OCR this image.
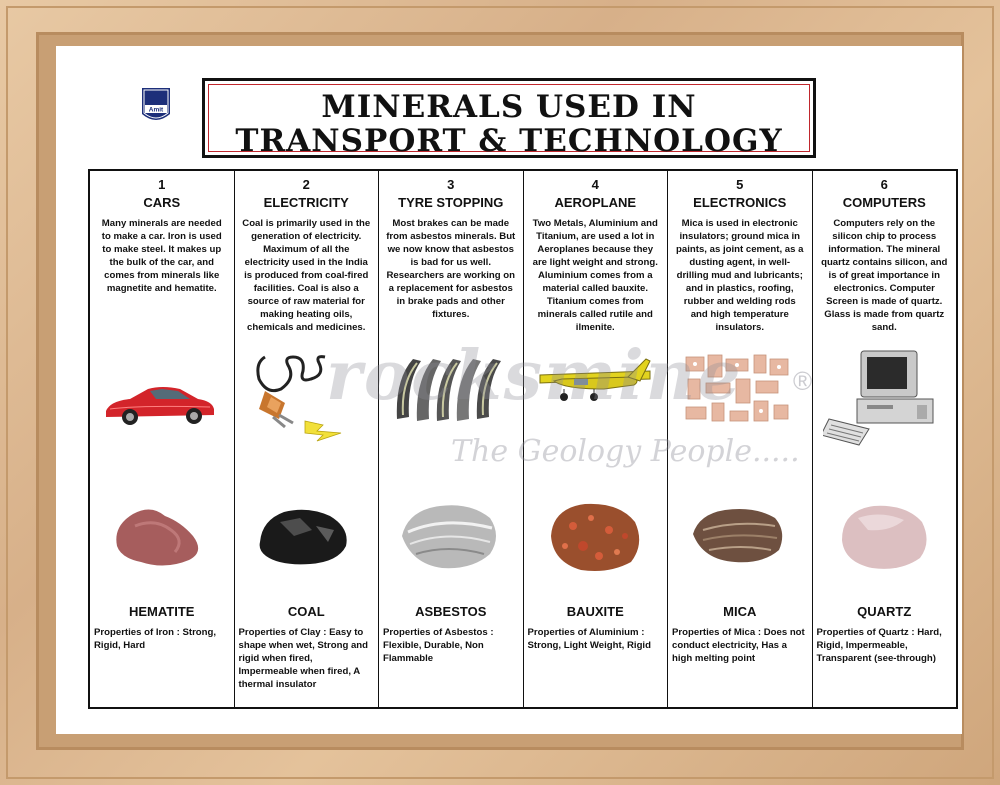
Amit	MINERALS USED IN
TRANSPORT & TECHNOLOGY
1
CARS
Many minerals are needed to make a car. Iron is used to make steel. It makes up the bulk of the car, and comes from minerals like magnetite and hematite.
HEMATITE
Properties of Iron : Strong, Rigid, Hard
2
ELECTRICITY
Coal is primarily used in the generation of electricity. Maximum of all the electricity used in the India is produced from coal-fired facilities. Coal is also a source of raw material for making heating oils, chemicals and medicines.
COAL
Properties of Clay : Easy to shape when wet, Strong and rigid when fired, Impermeable when fired, A thermal insulator
3
TYRE STOPPING
Most brakes can be made from asbestos minerals. But we now know that asbestos is bad for us well. Researchers are working on a replacement for asbestos in brake pads and other fixtures.
ASBESTOS
Properties of Asbestos : Flexible, Durable, Non Flammable
4
AEROPLANE
Two Metals, Aluminium and Titanium, are used a lot in Aeroplanes because they are light weight and strong. Aluminium comes from a material called bauxite. Titanium comes from minerals called rutile and ilmenite.
BAUXITE
Properties of Aluminium : Strong, Light Weight, Rigid
5
ELECTRONICS
Mica is used in electronic insulators; ground mica in paints, as joint cement, as a dusting agent, in well-drilling mud and lubricants; and in plastics, roofing, rubber and welding rods and high temperature insulators.
MICA
Properties of Mica : Does not conduct electricity, Has a high melting point
6
COMPUTERS
Computers rely on the silicon chip to process information. The mineral quartz contains silicon, and is of great importance in electronics. Computer Screen is made of quartz. Glass is made from quartz sand.
QUARTZ
Properties of Quartz : Hard, Rigid, Impermeable, Transparent (see-through)
rocksmine ®
The Geology People.....
